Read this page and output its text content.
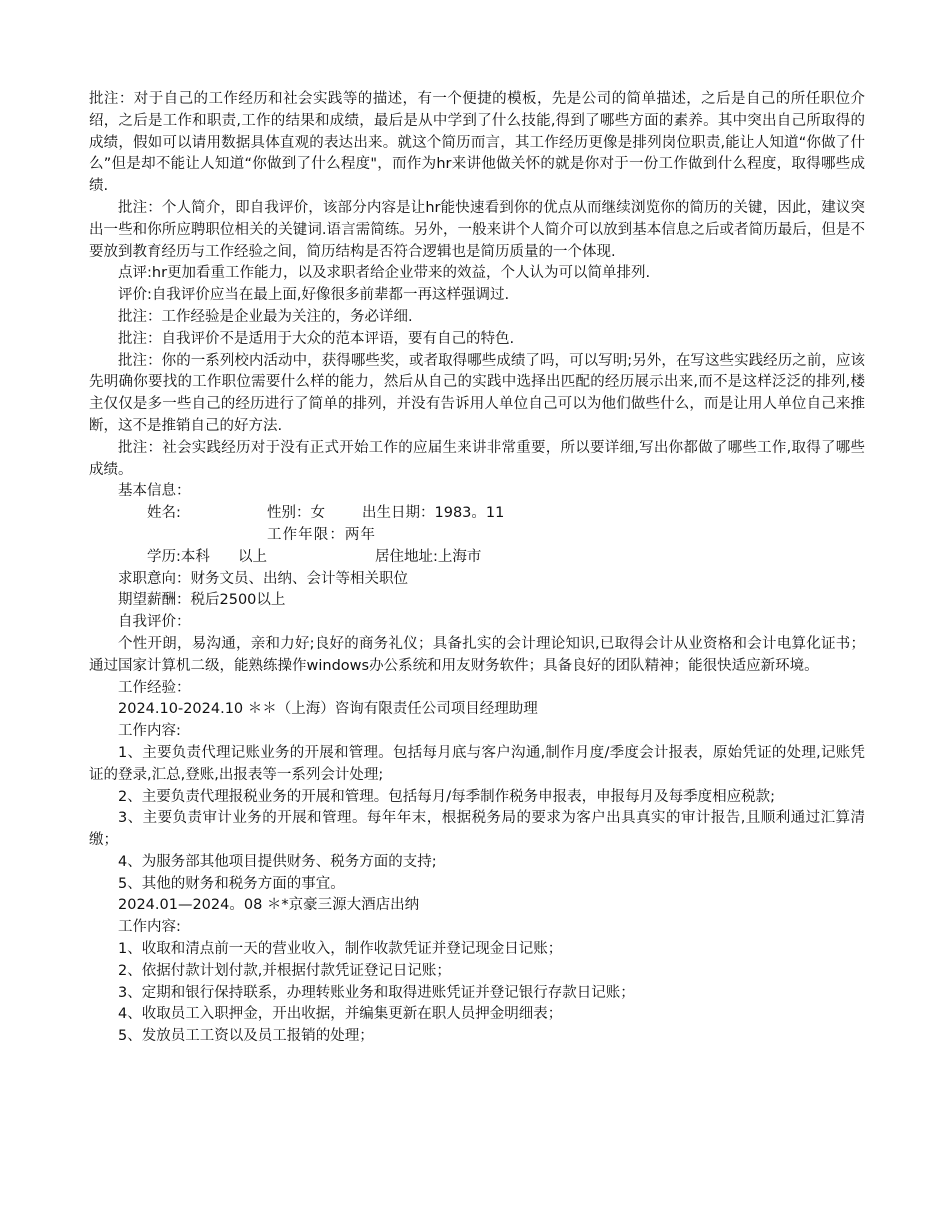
批注：对于自己的工作经历和社会实践等的描述，有一个便捷的模板，先是公司的简单描述，之后是自己的所任职位介绍，之后是工作和职责,工作的结果和成绩，最后是从中学到了什么技能,得到了哪些方面的素养。其中突出自己所取得的成绩，假如可以请用数据具体直观的表达出来。就这个简历而言，其工作经历更像是排列岗位职责,能让人知道“你做了什么”但是却不能让人知道“你做到了什么程度"，而作为hr来讲他做关怀的就是你对于一份工作做到什么程度，取得哪些成绩.

批注：个人简介，即自我评价，该部分内容是让hr能快速看到你的优点从而继续浏览你的简历的关键，因此，建议突出一些和你所应聘职位相关的关键词.语言需简练。另外，一般来讲个人简介可以放到基本信息之后或者简历最后，但是不要放到教育经历与工作经验之间，简历结构是否符合逻辑也是简历质量的一个体现.

点评:hr更加看重工作能力，以及求职者给企业带来的效益，个人认为可以简单排列.

评价:自我评价应当在最上面,好像很多前辈都一再这样强调过.

批注：工作经验是企业最为关注的，务必详细.

批注：自我评价不是适用于大众的范本评语，要有自己的特色.

批注：你的一系列校内活动中，获得哪些奖，或者取得哪些成绩了吗，可以写明;另外，在写这些实践经历之前，应该先明确你要找的工作职位需要什么样的能力，然后从自己的实践中选择出匹配的经历展示出来,而不是这样泛泛的排列,楼主仅仅是多一些自己的经历进行了简单的排列，并没有告诉用人单位自己可以为他们做些什么，而是让用人单位自己来推断，这不是推销自己的好方法.

批注：社会实践经历对于没有正式开始工作的应届生来讲非常重要，所以要详细,写出你都做了哪些工作,取得了哪些成绩。

基本信息：

姓名:	性别：女	出生日期：1983。11

学历:本科工作年限：两年以上	居住地址:上海市

求职意向：财务文员、出纳、会计等相关职位

期望薪酬：税后2500以上

自我评价：

个性开朗，易沟通，亲和力好;良好的商务礼仪；具备扎实的会计理论知识,已取得会计从业资格和会计电算化证书；通过国家计算机二级，能熟练操作windows办公系统和用友财务软件；具备良好的团队精神；能很快适应新环境。

工作经验：

2024.10-2024.10 ＊＊（上海）咨询有限责任公司项目经理助理

工作内容:

1、主要负责代理记账业务的开展和管理。包括每月底与客户沟通,制作月度/季度会计报表，原始凭证的处理,记账凭证的登录,汇总,登账,出报表等一系列会计处理;

2、主要负责代理报税业务的开展和管理。包括每月/每季制作税务申报表，申报每月及每季度相应税款;

3、主要负责审计业务的开展和管理。每年年末，根据税务局的要求为客户出具真实的审计报告,且顺利通过汇算清缴；

4、为服务部其他项目提供财务、税务方面的支持;

5、其他的财务和税务方面的事宜。

2024.01—2024。08 ＊*京豪三源大酒店出纳

工作内容:

1、收取和清点前一天的营业收入，制作收款凭证并登记现金日记账；

2、依据付款计划付款,并根据付款凭证登记日记账；

3、定期和银行保持联系，办理转账业务和取得进账凭证并登记银行存款日记账；

4、收取员工入职押金，开出收据，并编集更新在职人员押金明细表；

5、发放员工工资以及员工报销的处理；
